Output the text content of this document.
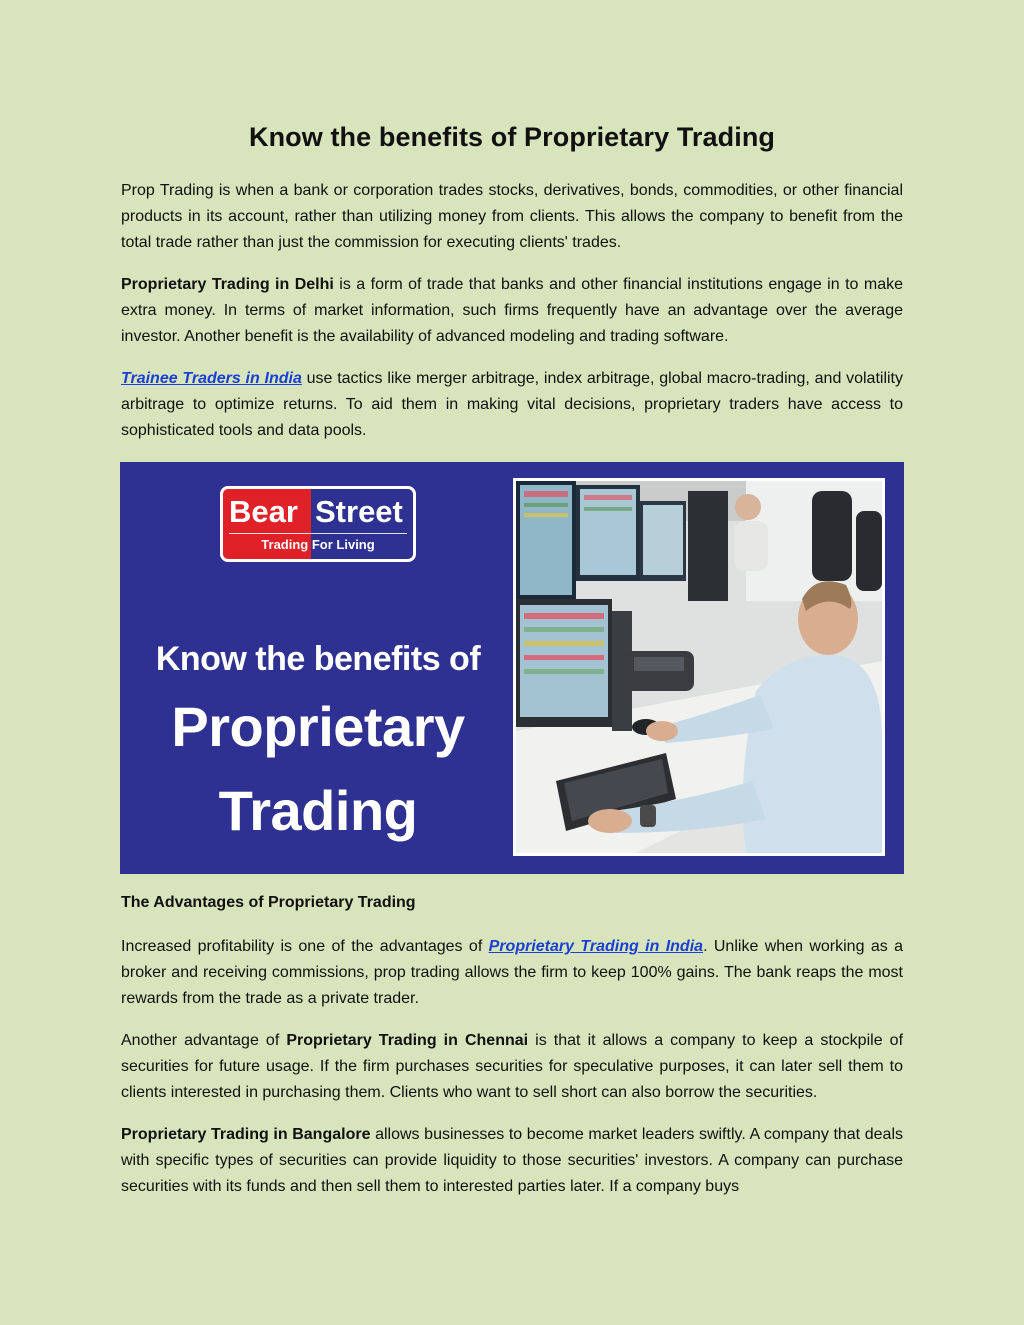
Know the benefits of Proprietary Trading

Prop Trading is when a bank or corporation trades stocks, derivatives, bonds, commodities, or other financial products in its account, rather than utilizing money from clients. This allows the company to benefit from the total trade rather than just the commission for executing clients' trades.

Proprietary Trading in Delhi is a form of trade that banks and other financial institutions engage in to make extra money. In terms of market information, such firms frequently have an advantage over the average investor. Another benefit is the availability of advanced modeling and trading software.

Trainee Traders in India use tactics like merger arbitrage, index arbitrage, global macro-trading, and volatility arbitrage to optimize returns. To aid them in making vital decisions, proprietary traders have access to sophisticated tools and data pools.

Bear Street
Trading For Living

Know the benefits of

Proprietary

Trading

The Advantages of Proprietary Trading

Increased profitability is one of the advantages of Proprietary Trading in India. Unlike when working as a broker and receiving commissions, prop trading allows the firm to keep 100% gains. The bank reaps the most rewards from the trade as a private trader.

Another advantage of Proprietary Trading in Chennai is that it allows a company to keep a stockpile of securities for future usage. If the firm purchases securities for speculative purposes, it can later sell them to clients interested in purchasing them. Clients who want to sell short can also borrow the securities.

Proprietary Trading in Bangalore allows businesses to become market leaders swiftly. A company that deals with specific types of securities can provide liquidity to those securities' investors. A company can purchase securities with its funds and then sell them to interested parties later. If a company buys
